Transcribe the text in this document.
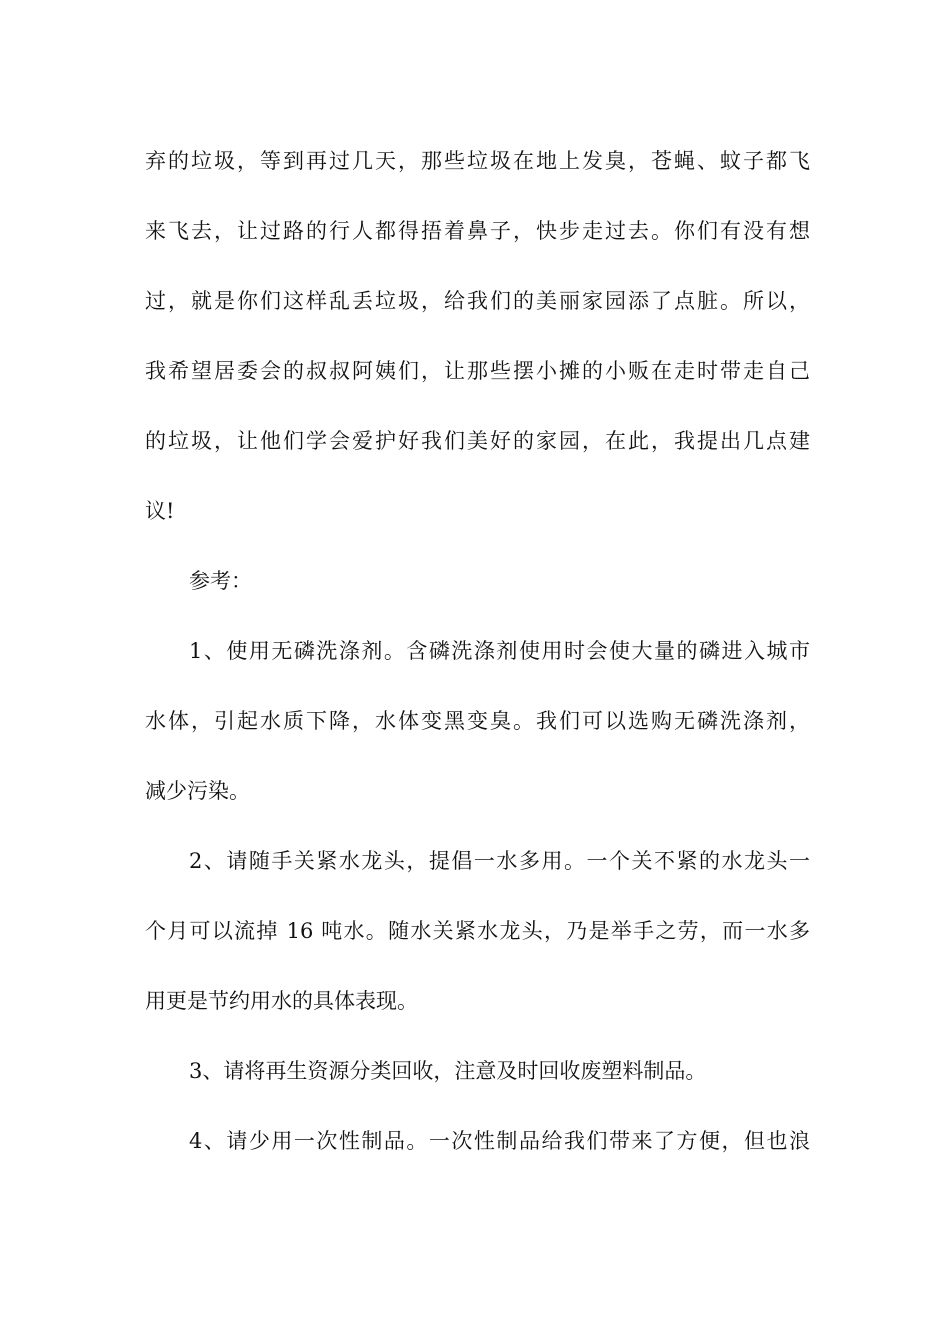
弃的垃圾，等到再过几天，那些垃圾在地上发臭，苍蝇、蚊子都飞
来飞去，让过路的行人都得捂着鼻子，快步走过去。你们有没有想
过，就是你们这样乱丢垃圾，给我们的美丽家园添了点脏。所以，
我希望居委会的叔叔阿姨们，让那些摆小摊的小贩在走时带走自己
的垃圾，让他们学会爱护好我们美好的家园，在此，我提出几点建
议!
参考：
1、使用无磷洗涤剂。含磷洗涤剂使用时会使大量的磷进入城市
水体，引起水质下降，水体变黑变臭。我们可以选购无磷洗涤剂，
减少污染。
2、请随手关紧水龙头，提倡一水多用。一个关不紧的水龙头一
个月可以流掉 16 吨水。随水关紧水龙头，乃是举手之劳，而一水多
用更是节约用水的具体表现。
3、请将再生资源分类回收，注意及时回收废塑料制品。
4、请少用一次性制品。一次性制品给我们带来了方便，但也浪
